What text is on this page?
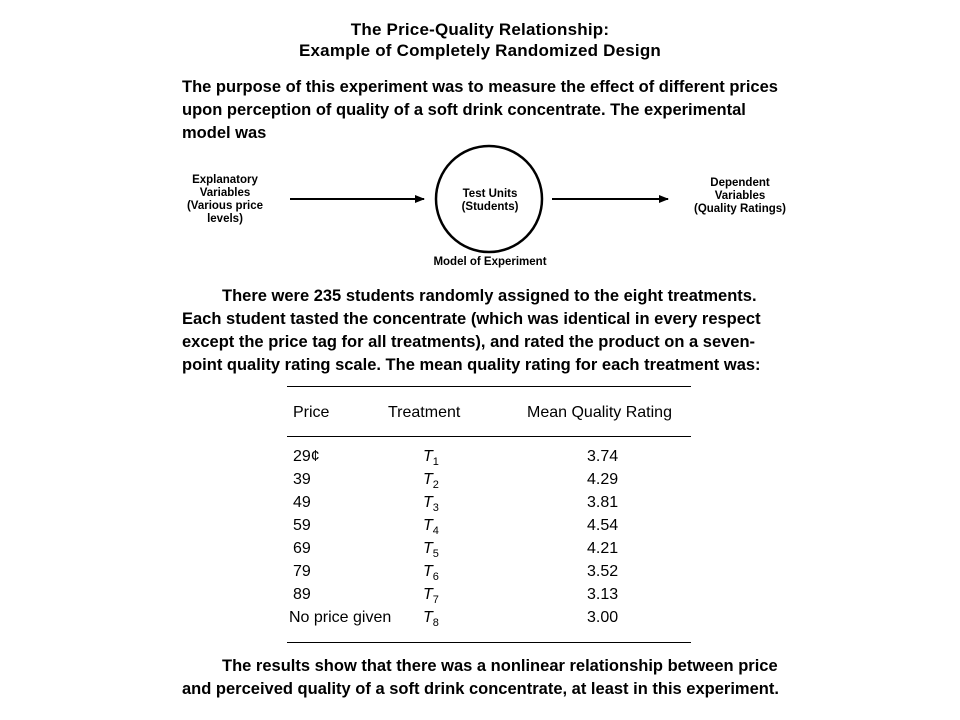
The Price-Quality Relationship:
Example of Completely Randomized Design
The purpose of this experiment was to measure the effect of different prices
upon perception of quality of a soft drink concentrate. The experimental
model was
Explanatory
Variables
(Various price
levels)
Test Units
(Students)
Dependent
Variables
(Quality Ratings)
Model of Experiment
There were 235 students randomly assigned to the eight treatments.
Each student tasted the concentrate (which was identical in every respect
except the price tag for all treatments), and rated the product on a seven-
point quality rating scale. The mean quality rating for each treatment was:
Price	Treatment	Mean Quality Rating
29¢	$T_1$	3.74
39	$T_2$	4.29
49	$T_3$	3.81
59	$T_4$	4.54
69	$T_5$	4.21
79	$T_6$	3.52
89	$T_7$	3.13
No price given $T_8$	3.00
The results show that there was a nonlinear relationship between price
and perceived quality of a soft drink concentrate, at least in this experiment.
